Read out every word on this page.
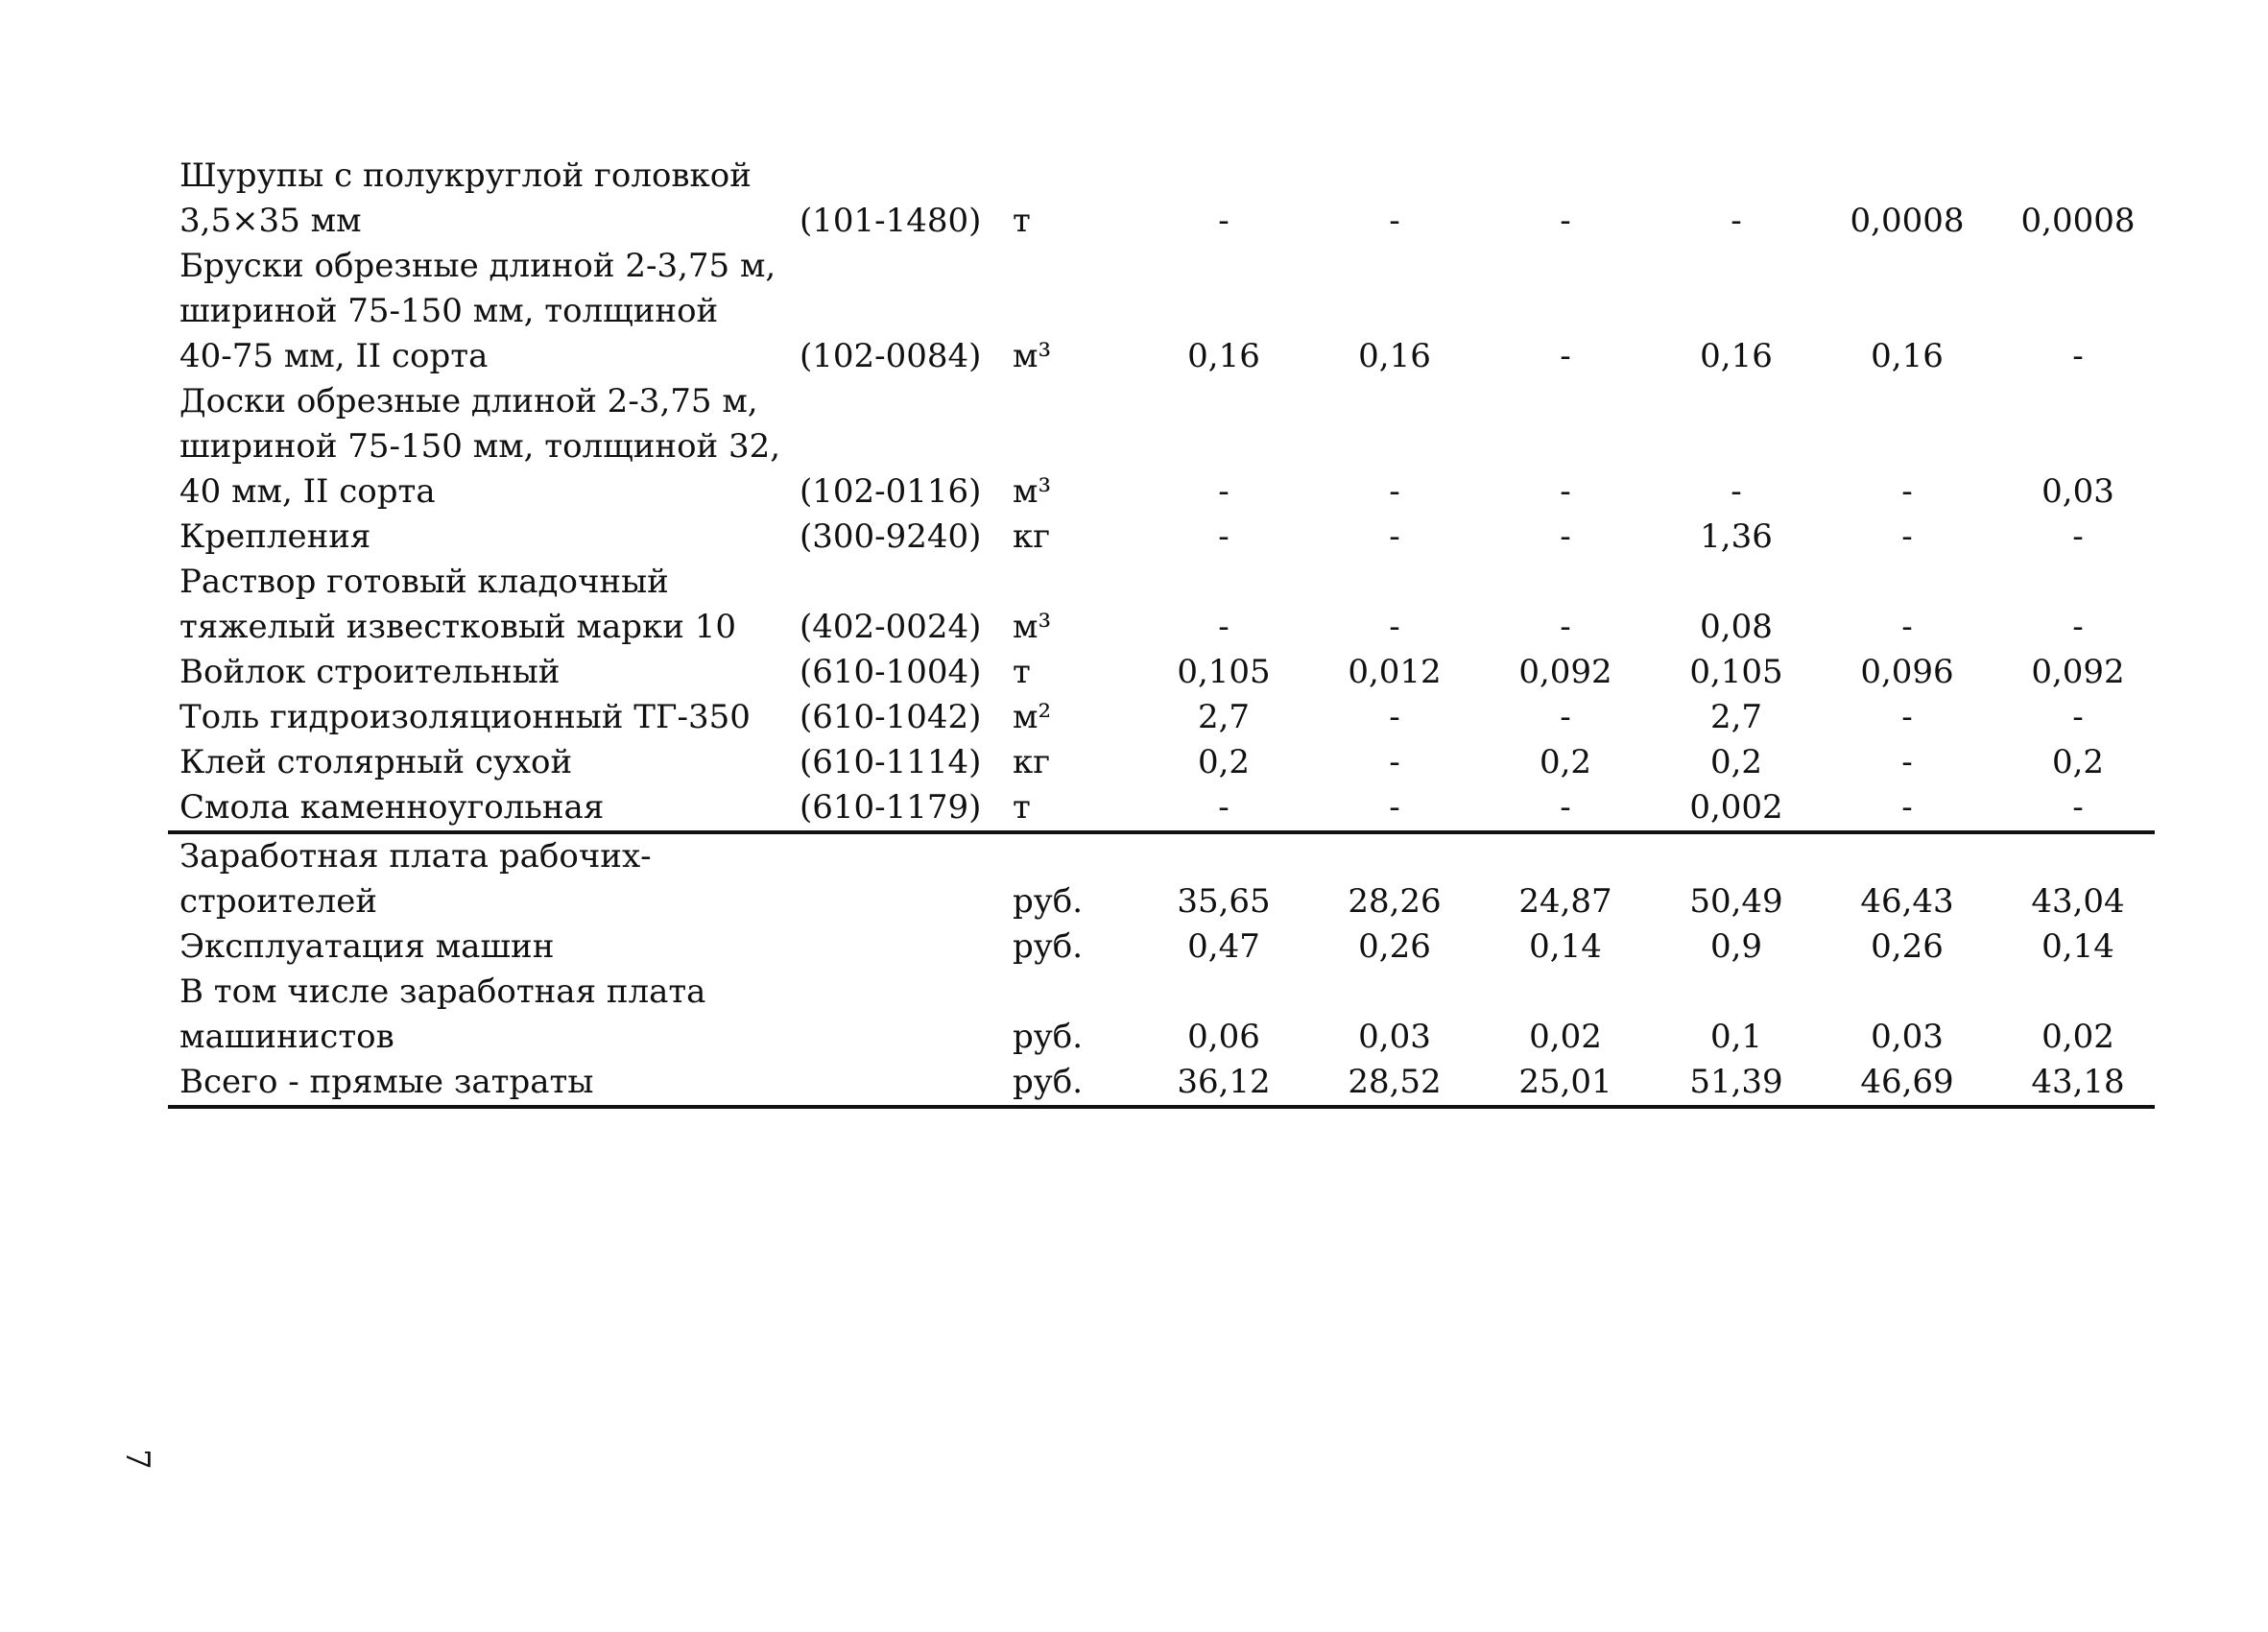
Шурупы с полукруглой головкой
3,5×35 мм	(101-1480) т	-	-	-	-	0,0008	0,0008
Бруски обрезные длиной 2-3,75 м,
шириной 75-150 мм, толщиной
40-75 мм, II сорта	(102-0084) м³	0,16	0,16	-	0,16	0,16	-
Доски обрезные длиной 2-3,75 м,
шириной 75-150 мм, толщиной 32,
40 мм, II сорта	(102-0116) м³	-	-	-	-	-	0,03
Крепления	(300-9240) кг	-	-	-	1,36	-	-
Раствор готовый кладочный
тяжелый известковый марки 10	(402-0024) м³	-	-	-	0,08	-	-
Войлок строительный	(610-1004) т	0,105	0,012	0,092	0,105	0,096	0,092
Толь гидроизоляционный ТГ-350	(610-1042) м²	2,7	-	-	2,7	-	-
Клей столярный сухой	(610-1114) кг	0,2	-	0,2	0,2	-	0,2
Смола каменноугольная	(610-1179) т	-	-	-	0,002	-	-
Заработная плата рабочих-
строителей	руб.	35,65	28,26	24,87	50,49	46,43	43,04
Эксплуатация машин	руб.	0,47	0,26	0,14	0,9	0,26	0,14
В том числе заработная плата
машинистов	руб.	0,06	0,03	0,02	0,1	0,03	0,02
Всего - прямые затраты	руб.	36,12	28,52	25,01	51,39	46,69	43,18
7
